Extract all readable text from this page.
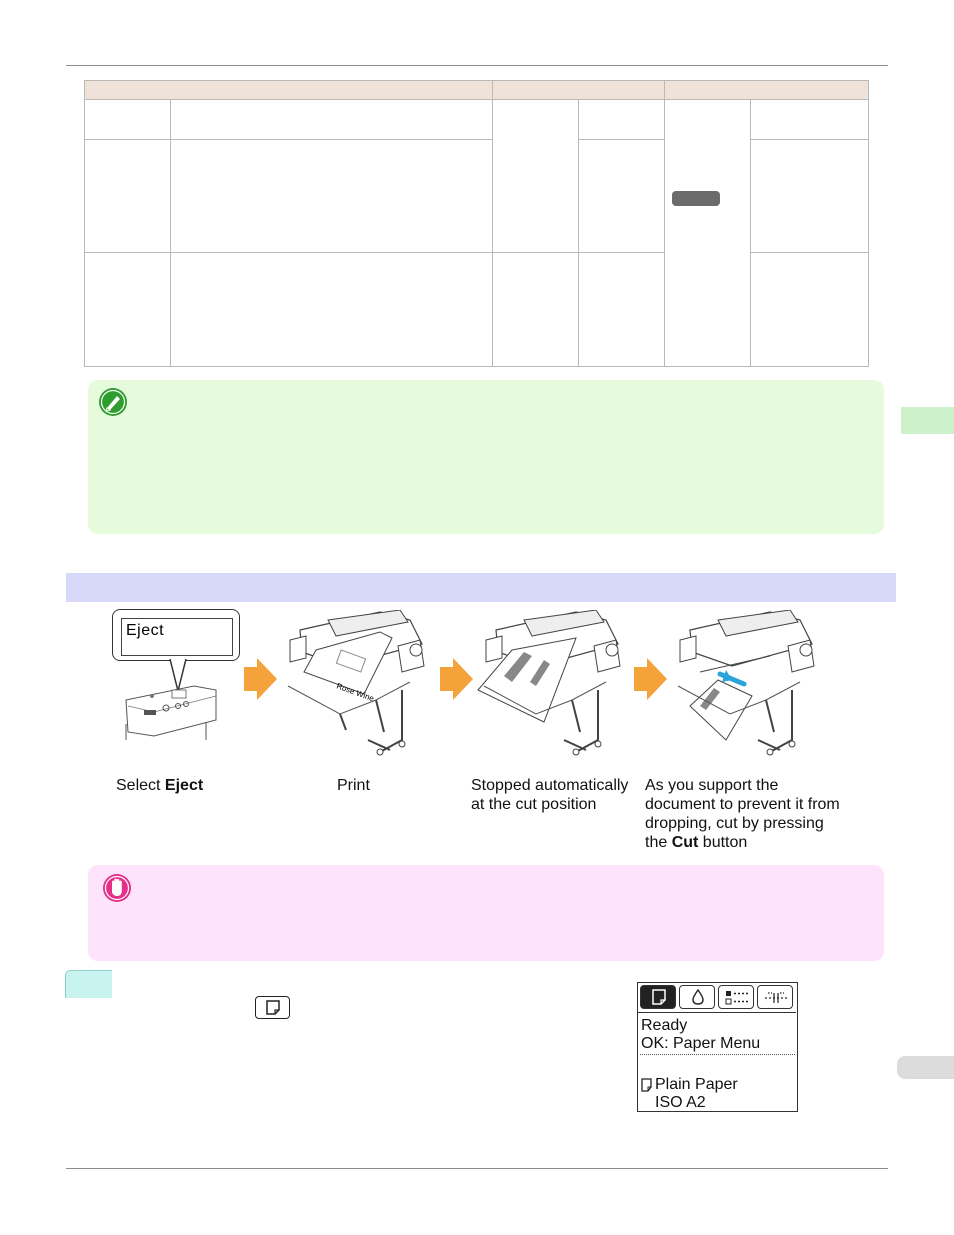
Eject
Rose Wine
Select Eject	Print	Stopped automatically
at the cut position
As you support the
document to prevent it from
dropping, cut by pressing
the Cut button
Ready
OK: Paper Menu
Plain Paper
ISO A2
